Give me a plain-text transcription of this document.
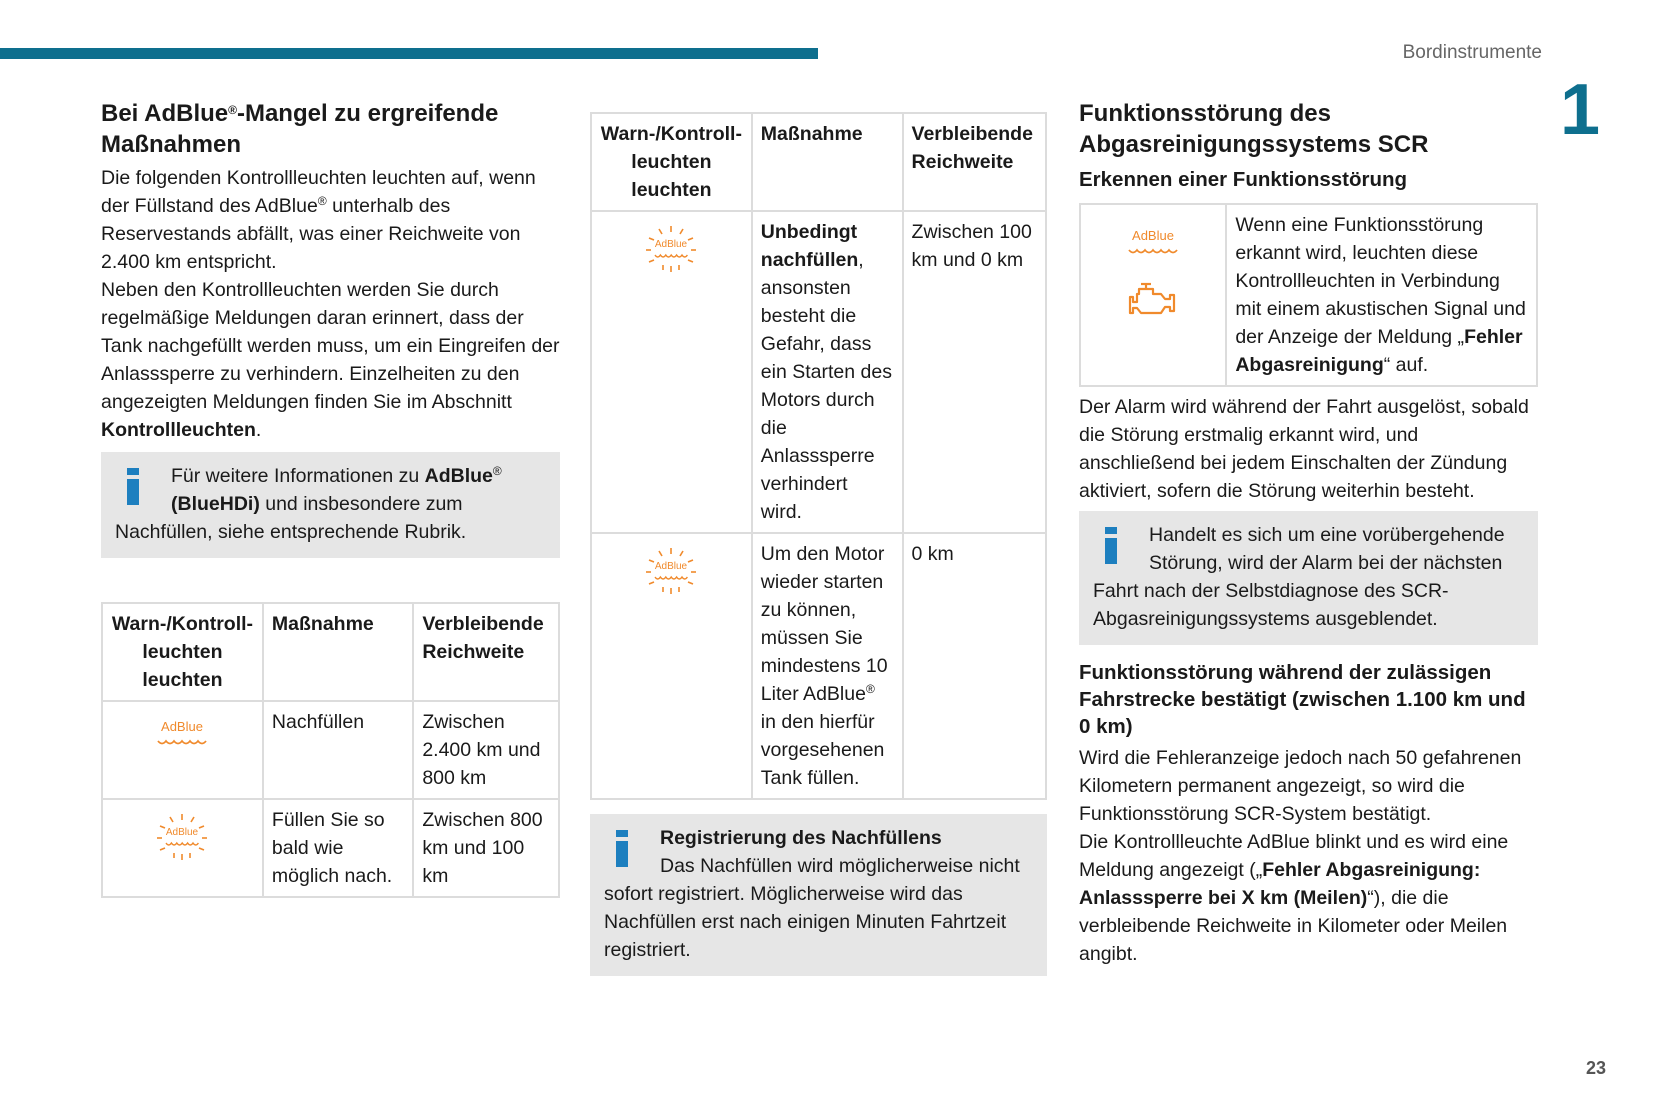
Bordinstrumente
1
23
Bei AdBlue®-Mangel zu ergreifende Maßnahmen

Die folgenden Kontrollleuchten leuchten auf, wenn der Füllstand des AdBlue® unterhalb des Reservestands abfällt, was einer Reichweite von 2.400 km entspricht.

Neben den Kontrollleuchten werden Sie durch regelmäßige Meldungen daran erinnert, dass der Tank nachgefüllt werden muss, um ein Eingreifen der Anlasssperre zu verhindern. Einzelheiten zu den angezeigten Meldungen finden Sie im Abschnitt Kontrollleuchten.

Für weitere Informationen zu AdBlue®
(BlueHDi) und insbesondere zum Nachfüllen, siehe entsprechende Rubrik.
Warn-/Kontroll-leuchten leuchten	Maßnahme	Verbleibende Reichweite

AdBlue	Nachfüllen	Zwischen 2.400 km und 800 km

AdBlue	Füllen Sie so bald wie möglich nach.	Zwischen 800 km und 100 km
Warn-/Kontroll-leuchten leuchten	Maßnahme	Verbleibende Reichweite

AdBlue	Unbedingt nachfüllen, ansonsten besteht die Gefahr, dass ein Starten des Motors durch die Anlasssperre verhindert wird.	Zwischen 100 km und 0 km

AdBlue	Um den Motor wieder starten zu können, müssen Sie mindestens 10 Liter AdBlue® in den hierfür vorgesehenen Tank füllen.	0 km
Registrierung des Nachfüllens
Das Nachfüllen wird möglicherweise nicht sofort registriert. Möglicherweise wird das Nachfüllen erst nach einigen Minuten Fahrtzeit registriert.
Funktionsstörung des Abgasreinigungssystems SCR
Erkennen einer Funktionsstörung
AdBlue	Wenn eine Funktionsstörung erkannt wird, leuchten diese Kontrollleuchten in Verbindung mit einem akustischen Signal und der Anzeige der Meldung „Fehler Abgasreinigung“ auf.

Der Alarm wird während der Fahrt ausgelöst, sobald die Störung erstmalig erkannt wird, und anschließend bei jedem Einschalten der Zündung aktiviert, sofern die Störung weiterhin besteht.

Handelt es sich um eine vorübergehende Störung, wird der Alarm bei der nächsten Fahrt nach der Selbstdiagnose des SCR-Abgasreinigungssystems ausgeblendet.
Funktionsstörung während der zulässigen Fahrstrecke bestätigt (zwischen 1.100 km und 0 km)

Wird die Fehleranzeige jedoch nach 50 gefahrenen Kilometern permanent angezeigt, so wird die Funktionsstörung SCR-System bestätigt.

Die Kontrollleuchte AdBlue blinkt und es wird eine Meldung angezeigt („Fehler Abgasreinigung: Anlasssperre bei X km (Meilen)“), die die verbleibende Reichweite in Kilometer oder Meilen angibt.
